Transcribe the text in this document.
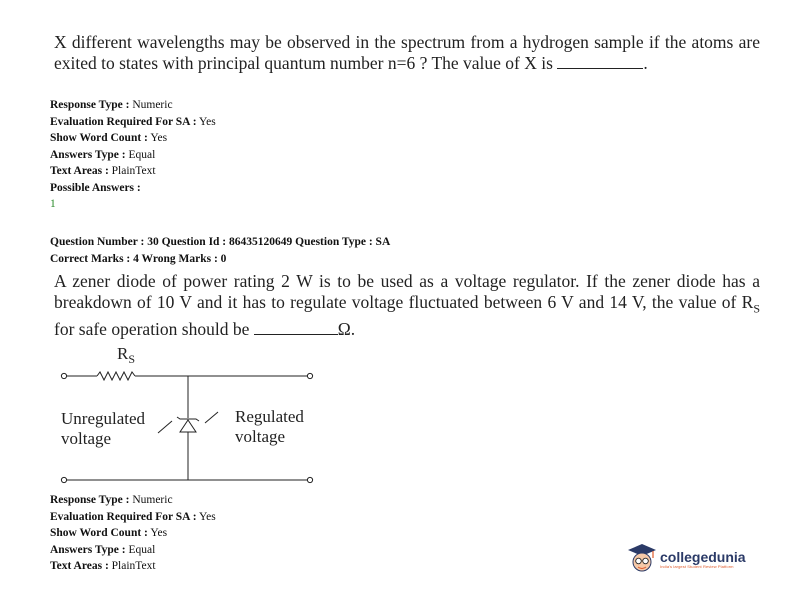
X different wavelengths may be observed in the spectrum from a hydrogen sample if the atoms are exited to states with principal quantum number n=6 ? The value of X is	.

Response Type : Numeric
Evaluation Required For SA : Yes
Show Word Count : Yes
Answers Type : Equal
Text Areas : PlainText
Possible Answers :
1
Question Number : 30 Question Id : 86435120649 Question Type : SA
Correct Marks : 4 Wrong Marks : 0

A zener diode of power rating 2 W is to be used as a voltage regulator. If the zener diode has a breakdown of 10 V and it has to regulate voltage fluctuated between 6 V and 14 V, the value of $R_S$ for safe operation should be	Ω.

$R_S$
Unregulated
voltage
Regulated
voltage
Response Type : Numeric
Evaluation Required For SA : Yes
Show Word Count : Yes
Answers Type : Equal
Text Areas : PlainText
collegedunia
India's largest Student Review Platform
